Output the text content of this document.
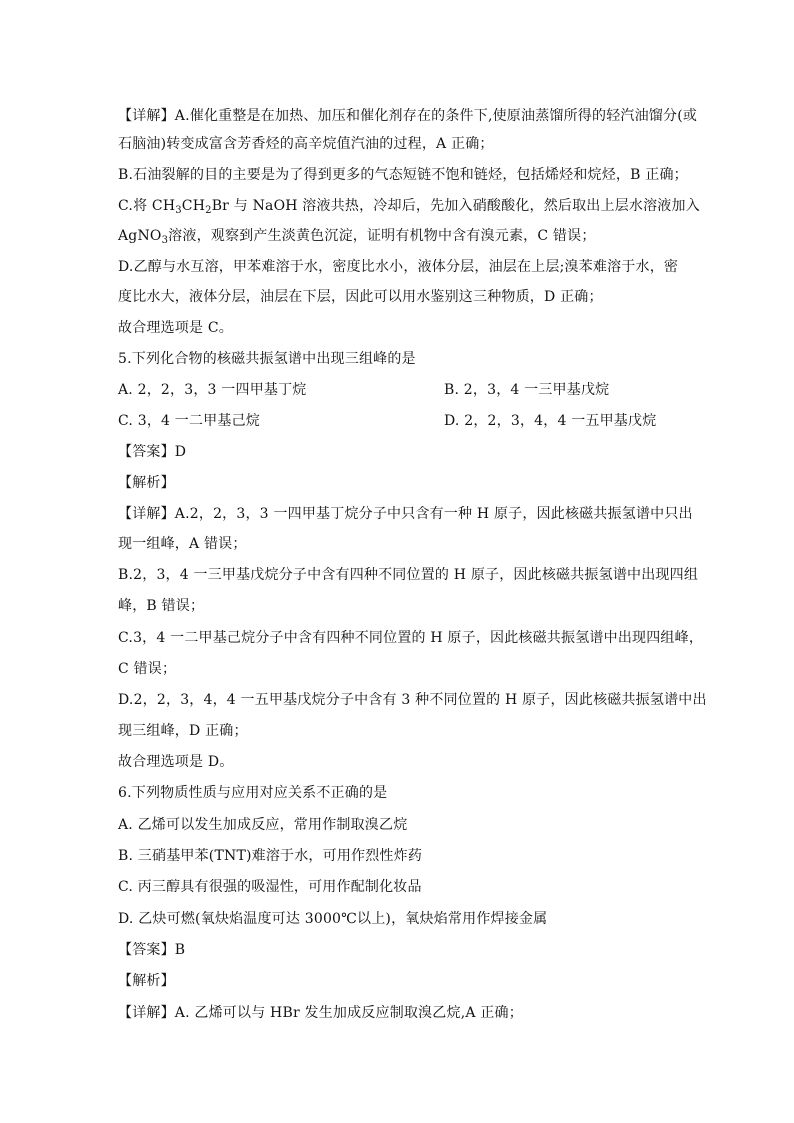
【详解】A.催化重整是在加热、加压和催化剂存在的条件下,使原油蒸馏所得的轻汽油馏分(或
石脑油)转变成富含芳香烃的高辛烷值汽油的过程，A 正确；
B.石油裂解的目的主要是为了得到更多的气态短链不饱和链烃，包括烯烃和烷烃，B 正确；
C.将 $CH_3CH_2Br$ 与 NaOH 溶液共热，冷却后，先加入硝酸酸化，然后取出上层水溶液加入
AgNO$_3$溶液，观察到产生淡黄色沉淀，证明有机物中含有溴元素，C 错误；
D.乙醇与水互溶，甲苯难溶于水，密度比水小，液体分层，油层在上层;溴苯难溶于水，密
度比水大，液体分层，油层在下层，因此可以用水鉴别这三种物质，D 正确；
故合理选项是 C。
5.下列化合物的核磁共振氢谱中出现三组峰的是
A. 2，2，3，3 一四甲基丁烷	B. 2，3，4 一三甲基戊烷
C. 3，4 一二甲基己烷	D. 2，2，3，4，4 一五甲基戊烷
【答案】D
【解析】
【详解】A.2，2，3，3 一四甲基丁烷分子中只含有一种 H 原子，因此核磁共振氢谱中只出
现一组峰，A 错误；
B.2，3，4 一三甲基戊烷分子中含有四种不同位置的 H 原子，因此核磁共振氢谱中出现四组
峰，B 错误；
C.3，4 一二甲基己烷分子中含有四种不同位置的 H 原子，因此核磁共振氢谱中出现四组峰，
C 错误；
D.2，2，3，4，4 一五甲基戊烷分子中含有 3 种不同位置的 H 原子，因此核磁共振氢谱中出
现三组峰，D 正确；
故合理选项是 D。
6.下列物质性质与应用对应关系不正确的是
A. 乙烯可以发生加成反应，常用作制取溴乙烷
B. 三硝基甲苯(TNT)难溶于水，可用作烈性炸药
C. 丙三醇具有很强的吸湿性，可用作配制化妆品
D. 乙炔可燃(氧炔焰温度可达 3000℃以上)，氧炔焰常用作焊接金属
【答案】B
【解析】
【详解】A. 乙烯可以与 HBr 发生加成反应制取溴乙烷,A 正确；
